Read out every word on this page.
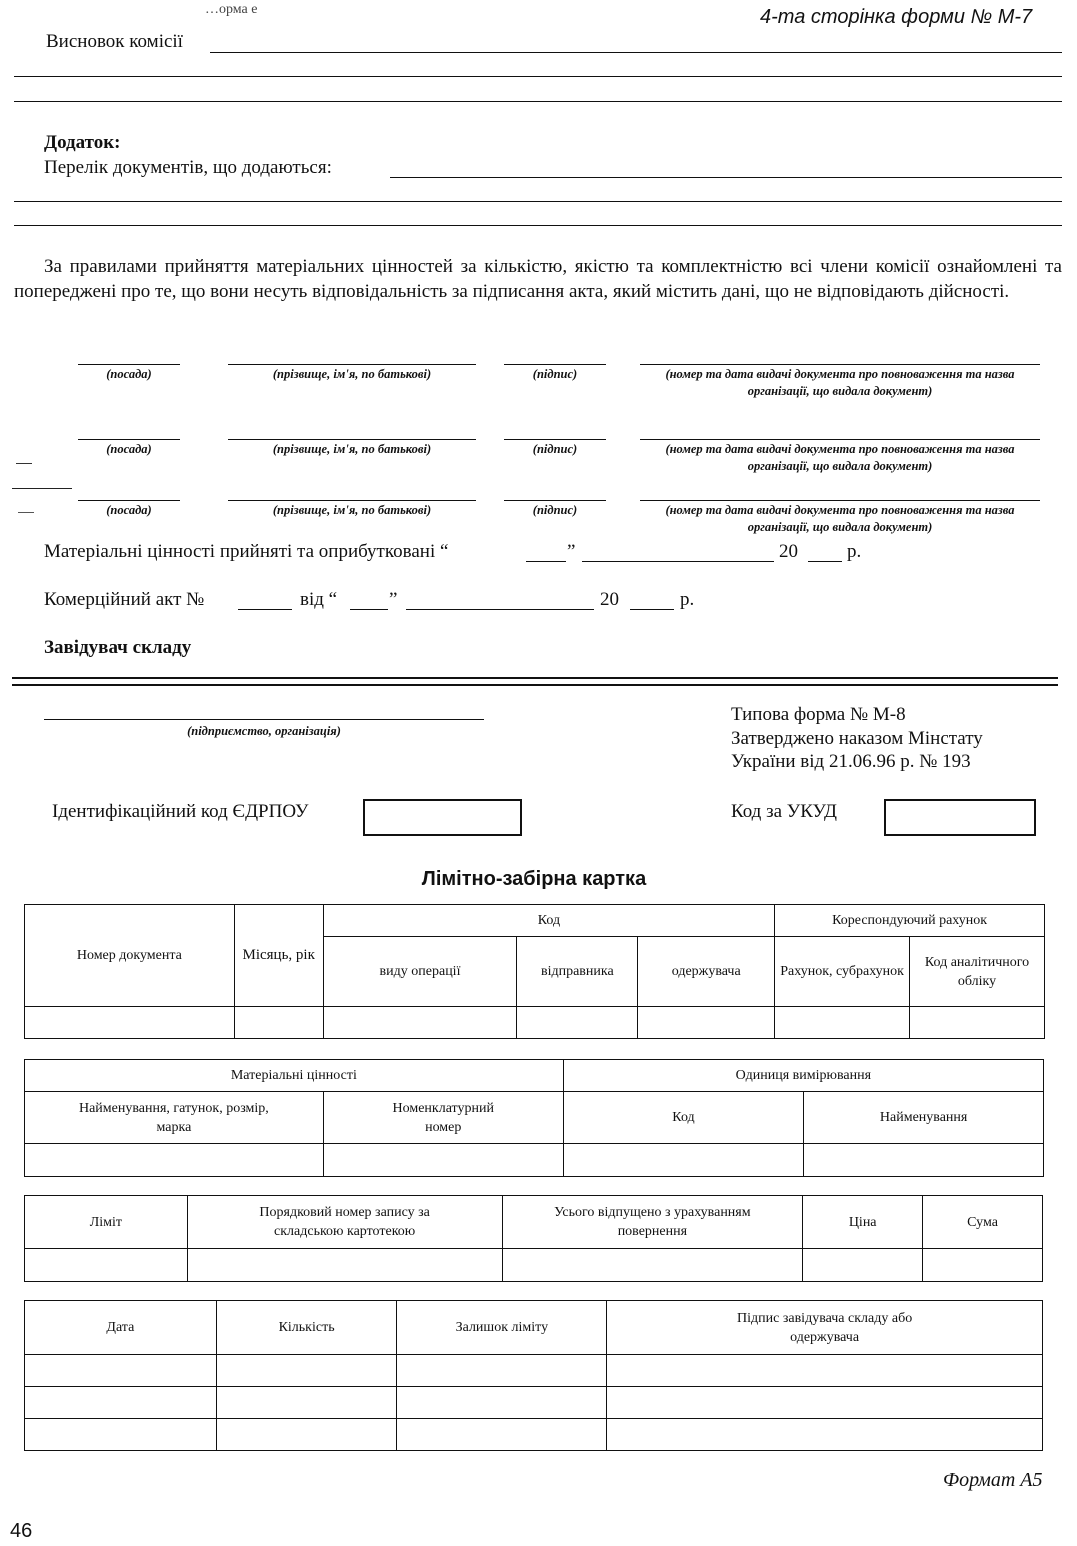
…орма е	4-та сторінка форми № М-7
Висновок комісії
Додаток:
Перелік документів, що додаються:
За правилами прийняття матеріальних цінностей за кількістю, якістю та комплектністю всі члени комісії ознайомлені та попереджені про те, що вони несуть відповідальність за підписання акта, який містить дані, що не відповідають дійсності.
(посада)	(прізвище, ім'я, по батькові)	(підпис)	(номер та дата видачі документа про повноваження та назва організації, що видала документ)
(посада)	(прізвище, ім'я, по батькові)	(підпис)	(номер та дата видачі документа про повноваження та назва організації, що видала документ)
(посада)	(прізвище, ім'я, по батькові)	(підпис)	(номер та дата видачі документа про повноваження та назва організації, що видала документ)
Матеріальні цінності прийняті та оприбутковані “	”	20	р.
Комерційний акт №	від “	”	20	р.
Завідувач складу
(підприємство, організація)
Типова форма № М-8
Затверджено наказом Мінстату
України від 21.06.96 р. № 193
Ідентифікаційний код ЄДРПОУ	Код за УКУД
Лімітно-забірна картка
Номер документа	Місяць, рік	Код			Кореспондуючий рахунок	
		виду операції	відправника	одержувача	Рахунок, субрахунок	Код аналітичного обліку

Матеріальні цінності		Одиниця вимірювання	
Найменування, гатунок, розмір, марка	Номенклатурний номер	Код	Найменування

Ліміт	Порядковий номер запису за складською картотекою	Усього відпущено з урахуванням повернення	Ціна	Сума

Дата	Кількість	Залишок ліміту	Підпис завідувача складу або одержувача

Формат А5
46
